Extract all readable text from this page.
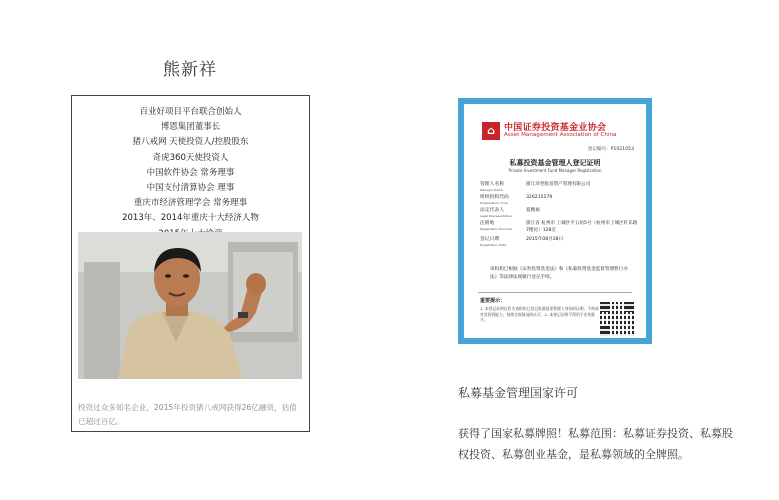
熊新祥
百业好项目平台联合创始人
博恩集团董事长
猪八戒网 天使投资人/控股股东
奇虎360天使投资人
中国软件协会 常务理事
中国支付清算协会 理事
重庆市经济管理学会 常务理事
2013年、2014年重庆十大经济人物
投资过众多知名企业，2015年投资猪八戒网获得26亿融资，估值已超过百亿。
⌂	中国证券投资基金业协会
Asset Management Association of China
登记编号：P1021053
私募投资基金管理人登记证明
Private Investment Fund Manager Registration
管理人名称
Manager Name
浙江泽翌股富资产管理有限公司
组织机构代码
Organization Code
326215179
法定代表人
Legal Representative
夏鲍福
注册地
Registration Domicile
浙江省 杭州市 上城区平五坊5号（杭州市上城区红乐路7楼房）128室
登记日期
Registration Date
2015年08月28日
该机构已根据《证券投资基金法》和《私募投资基金监督管理暂行办法》等法律法规履行登记手续。
重要提示：
1. 本登记证明仅作为该机构已登记私募基金管理人身份的证明，不构成对其投资能力、持续合规情况的认可；2. 本登记证明不得用于宣传推介。
私募基金管理国家许可
获得了国家私募牌照！私募范围：私募证券投资、私募股权投资、私募创业基金，是私募领域的全牌照。
